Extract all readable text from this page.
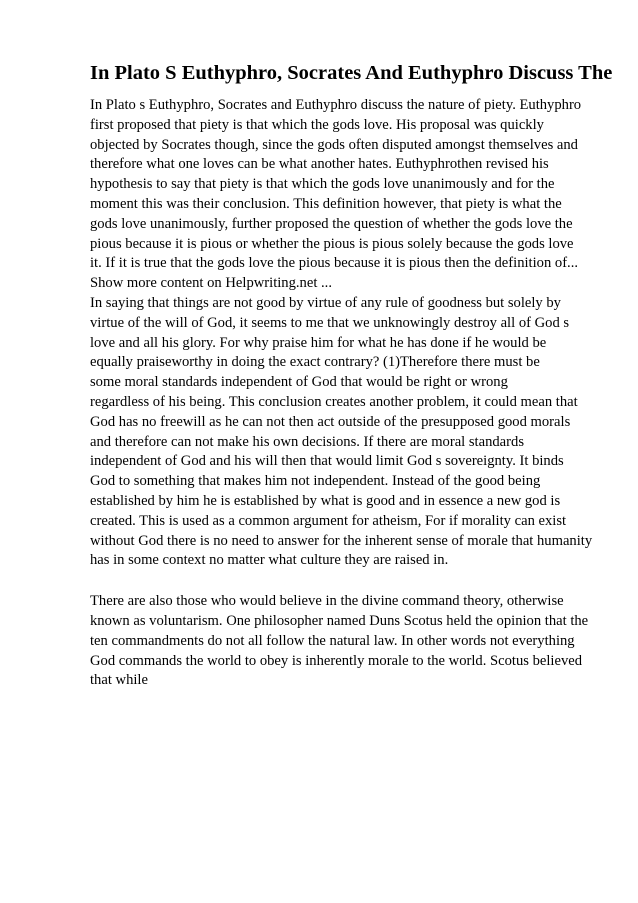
In Plato S Euthyphro, Socrates And Euthyphro Discuss The
In Plato s Euthyphro, Socrates and Euthyphro discuss the nature of piety. Euthyphro
first proposed that piety is that which the gods love. His proposal was quickly
objected by Socrates though, since the gods often disputed amongst themselves and
therefore what one loves can be what another hates. Euthyphrothen revised his
hypothesis to say that piety is that which the gods love unanimously and for the
moment this was their conclusion. This definition however, that piety is what the
gods love unanimously, further proposed the question of whether the gods love the
pious because it is pious or whether the pious is pious solely because the gods love
it. If it is true that the gods love the pious because it is pious then the definition of...
Show more content on Helpwriting.net ...
In saying that things are not good by virtue of any rule of goodness but solely by
virtue of the will of God, it seems to me that we unknowingly destroy all of God s
love and all his glory. For why praise him for what he has done if he would be
equally praiseworthy in doing the exact contrary? (1)Therefore there must be
some moral standards independent of God that would be right or wrong
regardless of his being. This conclusion creates another problem, it could mean that
God has no freewill as he can not then act outside of the presupposed good morals
and therefore can not make his own decisions. If there are moral standards
independent of God and his will then that would limit God s sovereignty. It binds
God to something that makes him not independent. Instead of the good being
established by him he is established by what is good and in essence a new god is
created. This is used as a common argument for atheism, For if morality can exist
without God there is no need to answer for the inherent sense of morale that humanity
has in some context no matter what culture they are raised in.
There are also those who would believe in the divine command theory, otherwise
known as voluntarism. One philosopher named Duns Scotus held the opinion that the
ten commandments do not all follow the natural law. In other words not everything
God commands the world to obey is inherently morale to the world. Scotus believed
that while
